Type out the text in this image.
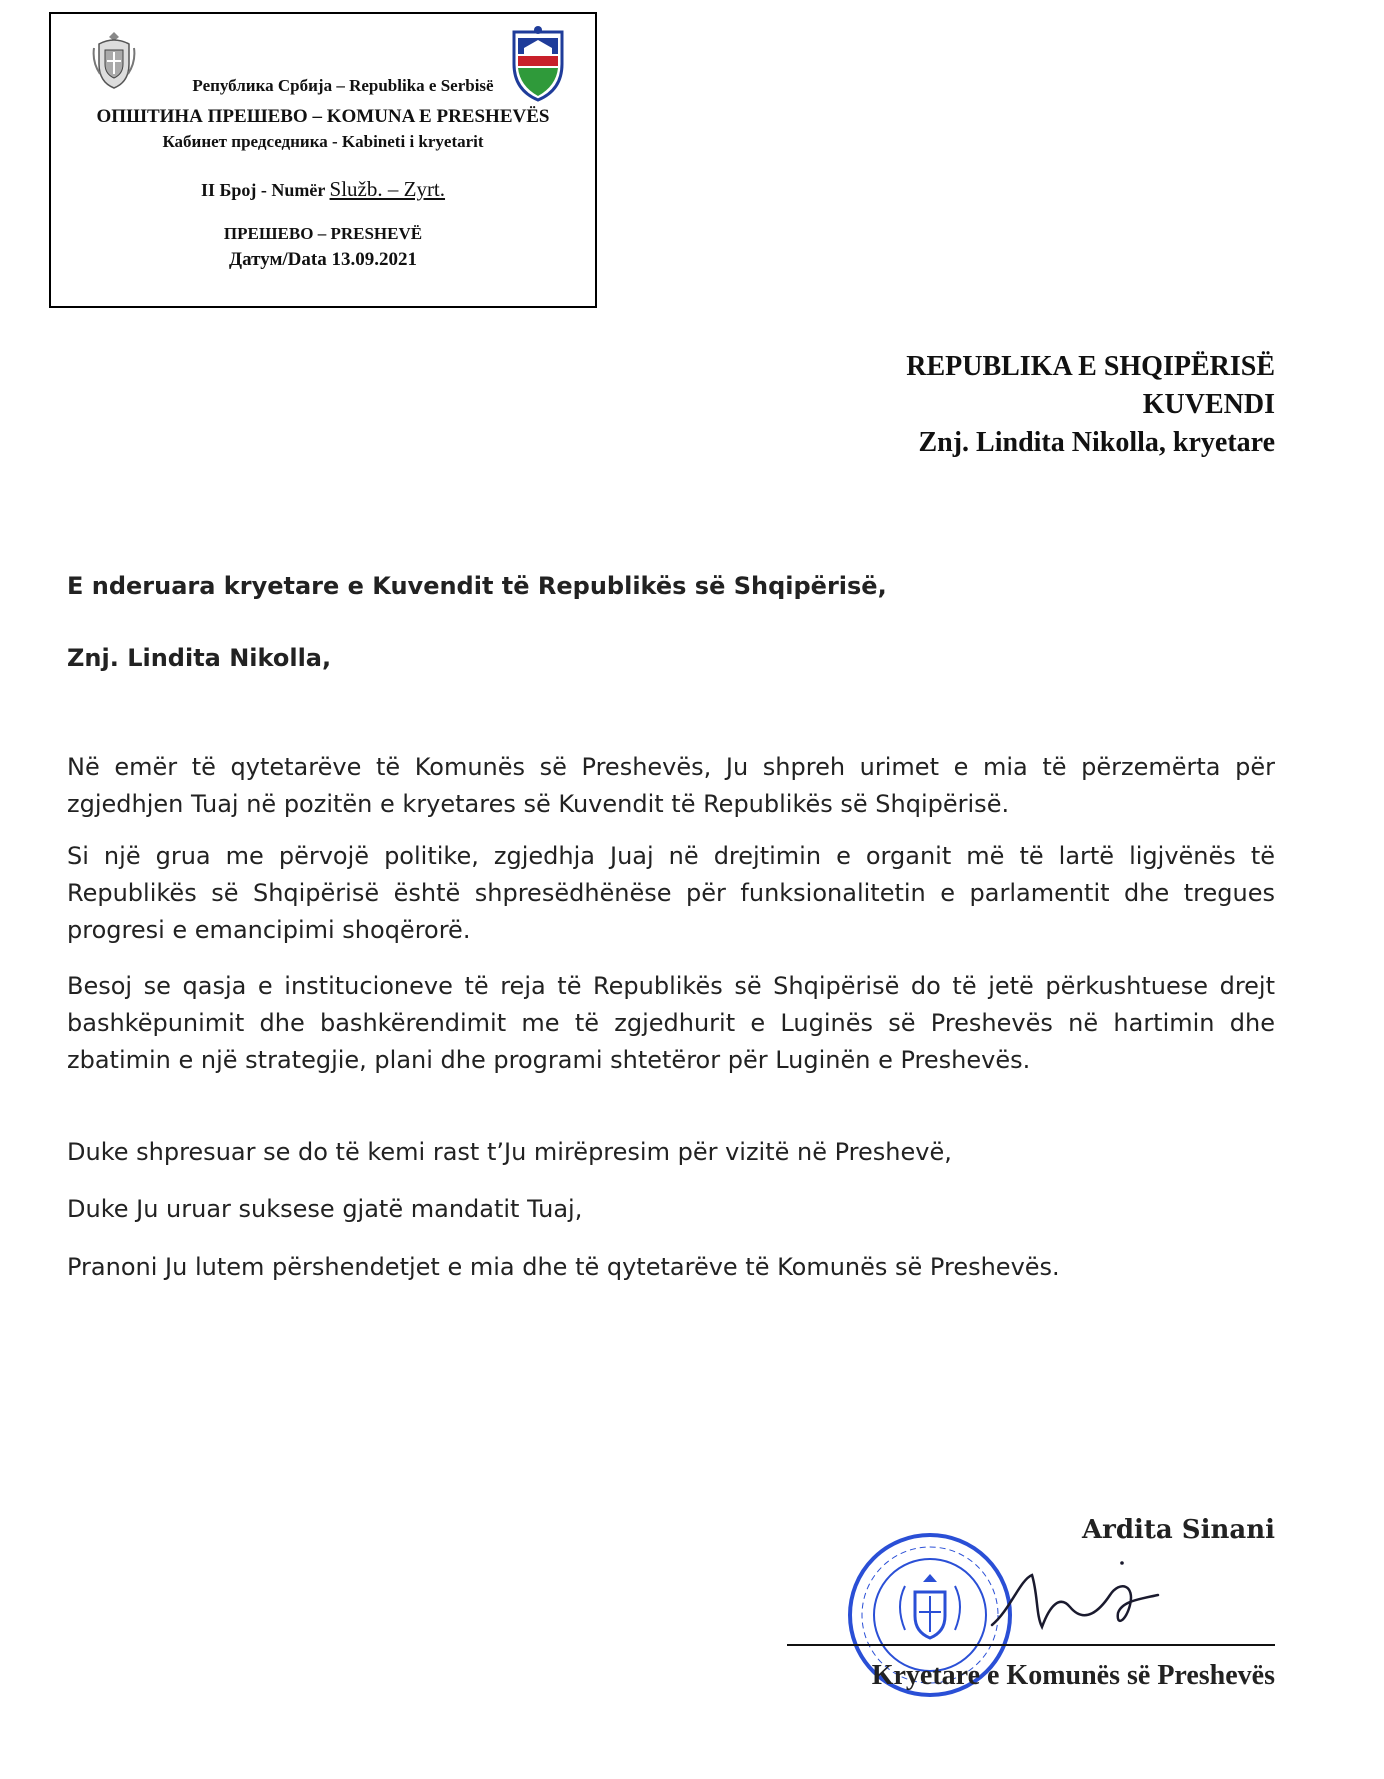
Република Србија – Republika e Serbisë
ОПШТИНА ПРЕШЕВО – KOMUNA E PRESHEVËS
Кабинет председника - Kabineti i kryetarit
II Број - Numër Služb. – Zyrt.
ПРЕШЕВО – PRESHEVË
Датум/Data 13.09.2021
REPUBLIKA E SHQIPËRISË
KUVENDI
Znj. Lindita Nikolla, kryetare
E nderuara kryetare e Kuvendit të Republikës së Shqipërisë,
Znj. Lindita Nikolla,
Në emër të qytetarëve të Komunës së Preshevës, Ju shpreh urimet e mia të përzemërta për zgjedhjen Tuaj në pozitën e kryetares së Kuvendit të Republikës së Shqipërisë.
Si një grua me përvojë politike, zgjedhja Juaj në drejtimin e organit më të lartë ligjvënës të Republikës së Shqipërisë është shpresëdhënëse për funksionalitetin e parlamentit dhe tregues progresi e emancipimi shoqërorë.
Besoj se qasja e institucioneve të reja të Republikës së Shqipërisë do të jetë përkushtuese drejt bashkëpunimit dhe bashkërendimit me të zgjedhurit e Luginës së Preshevës në hartimin dhe zbatimin e një strategjie, plani dhe programi shtetëror për Luginën e Preshevës.
Duke shpresuar se do të kemi rast t’Ju mirëpresim për vizitë në Preshevë,
Duke Ju uruar suksese gjatë mandatit Tuaj,
Pranoni Ju lutem përshendetjet e mia dhe të qytetarëve të Komunës së Preshevës.
Ardita Sinani
Kryetare e Komunës së Preshevës
